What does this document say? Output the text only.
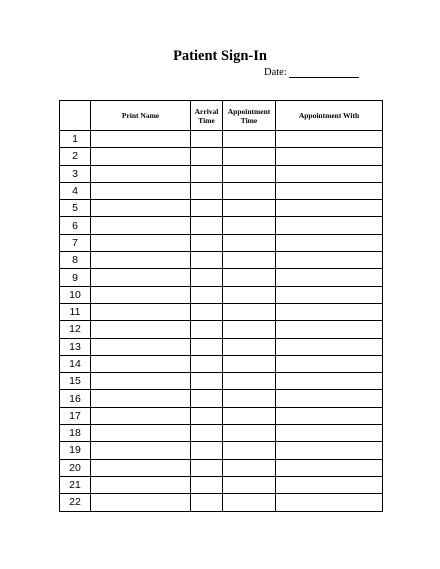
Patient Sign-In
Date:
	Print Name	Arrival Time	Appointment Time	Appointment With
1				
2				
3				
4				
5				
6				
7				
8				
9				
10				
11				
12				
13				
14				
15				
16				
17				
18				
19				
20				
21				
22				
